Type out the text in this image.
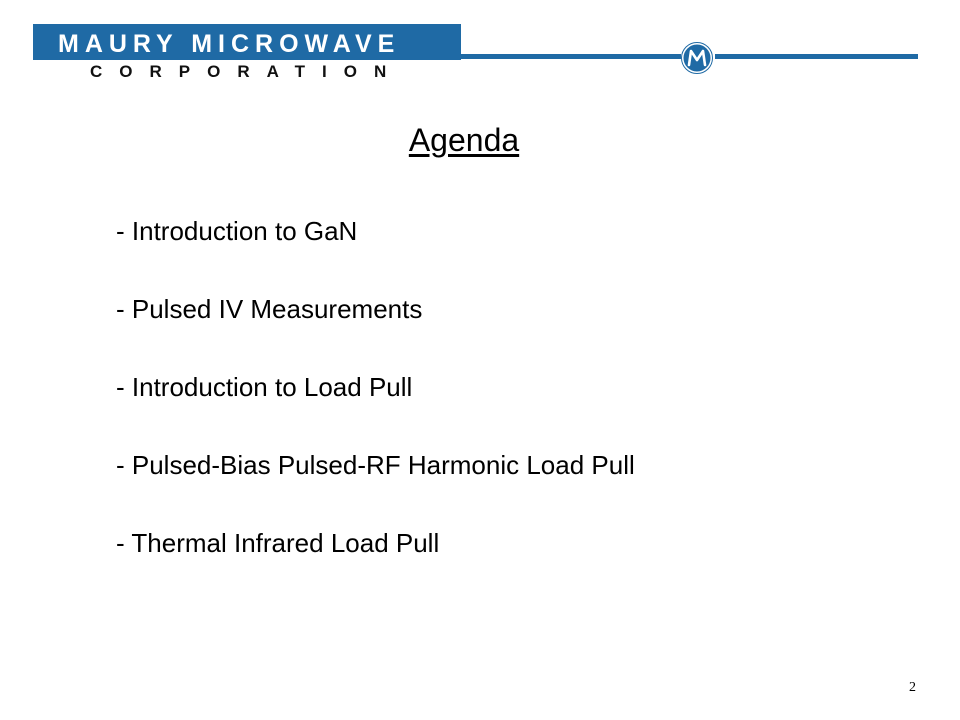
MAURY MICROWAVE
CORPORATION
Agenda
- Introduction to GaN
- Pulsed IV Measurements
- Introduction to Load Pull
- Pulsed-Bias Pulsed-RF Harmonic Load Pull
- Thermal Infrared Load Pull
2
